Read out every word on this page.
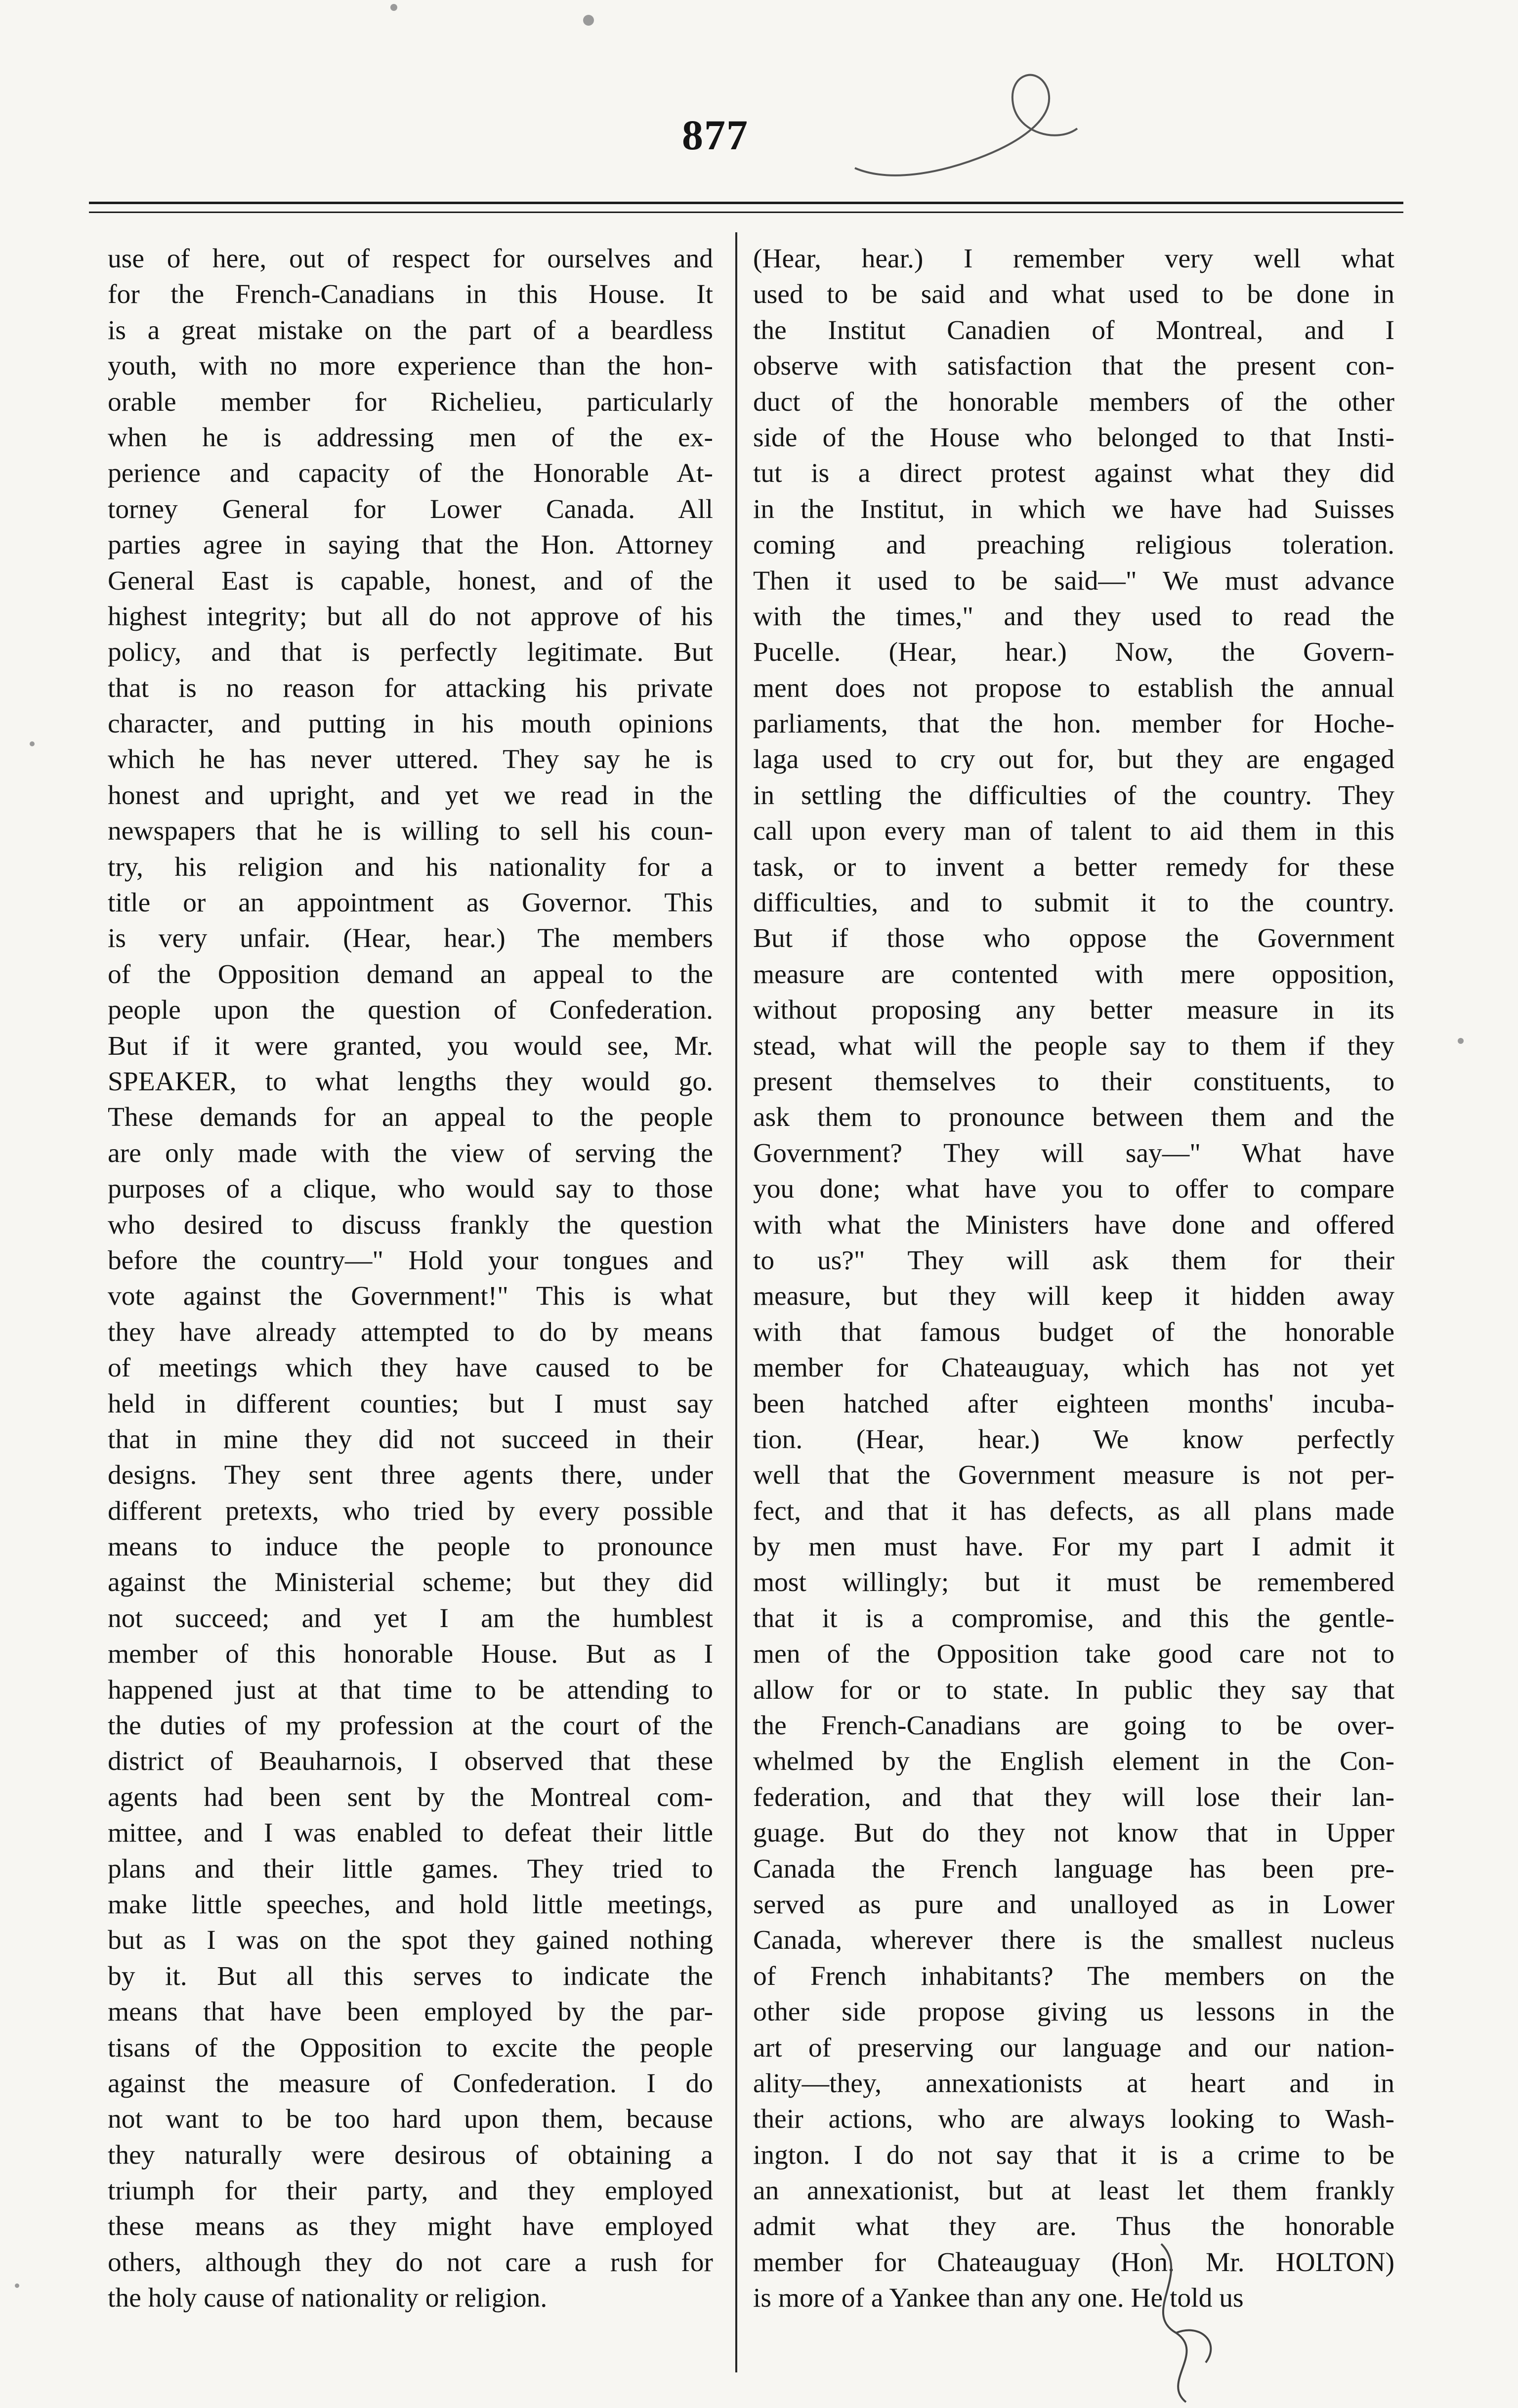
877
use of here, out of respect for ourselves and
for the French-Canadians in this House. It
is a great mistake on the part of a beardless
youth, with no more experience than the hon-
orable member for Richelieu, particularly
when he is addressing men of the ex-
perience and capacity of the Honorable At-
torney General for Lower Canada. All
parties agree in saying that the Hon. Attorney
General East is capable, honest, and of the
highest integrity; but all do not approve of his
policy, and that is perfectly legitimate. But
that is no reason for attacking his private
character, and putting in his mouth opinions
which he has never uttered. They say he is
honest and upright, and yet we read in the
newspapers that he is willing to sell his coun-
try, his religion and his nationality for a
title or an appointment as Governor. This
is very unfair. (Hear, hear.) The members
of the Opposition demand an appeal to the
people upon the question of Confederation.
But if it were granted, you would see, Mr.
SPEAKER, to what lengths they would go.
These demands for an appeal to the people
are only made with the view of serving the
purposes of a clique, who would say to those
who desired to discuss frankly the question
before the country—" Hold your tongues and
vote against the Government!" This is what
they have already attempted to do by means
of meetings which they have caused to be
held in different counties; but I must say
that in mine they did not succeed in their
designs. They sent three agents there, under
different pretexts, who tried by every possible
means to induce the people to pronounce
against the Ministerial scheme; but they did
not succeed; and yet I am the humblest
member of this honorable House. But as I
happened just at that time to be attending to
the duties of my profession at the court of the
district of Beauharnois, I observed that these
agents had been sent by the Montreal com-
mittee, and I was enabled to defeat their little
plans and their little games. They tried to
make little speeches, and hold little meetings,
but as I was on the spot they gained nothing
by it. But all this serves to indicate the
means that have been employed by the par-
tisans of the Opposition to excite the people
against the measure of Confederation. I do
not want to be too hard upon them, because
they naturally were desirous of obtaining a
triumph for their party, and they employed
these means as they might have employed
others, although they do not care a rush for
the holy cause of nationality or religion.
(Hear, hear.) I remember very well what
used to be said and what used to be done in
the Institut Canadien of Montreal, and I
observe with satisfaction that the present con-
duct of the honorable members of the other
side of the House who belonged to that Insti-
tut is a direct protest against what they did
in the Institut, in which we have had Suisses
coming and preaching religious toleration.
Then it used to be said—" We must advance
with the times," and they used to read the
Pucelle. (Hear, hear.) Now, the Govern-
ment does not propose to establish the annual
parliaments, that the hon. member for Hoche-
laga used to cry out for, but they are engaged
in settling the difficulties of the country. They
call upon every man of talent to aid them in this
task, or to invent a better remedy for these
difficulties, and to submit it to the country.
But if those who oppose the Government
measure are contented with mere opposition,
without proposing any better measure in its
stead, what will the people say to them if they
present themselves to their constituents, to
ask them to pronounce between them and the
Government? They will say—" What have
you done; what have you to offer to compare
with what the Ministers have done and offered
to us?" They will ask them for their
measure, but they will keep it hidden away
with that famous budget of the honorable
member for Chateauguay, which has not yet
been hatched after eighteen months' incuba-
tion. (Hear, hear.) We know perfectly
well that the Government measure is not per-
fect, and that it has defects, as all plans made
by men must have. For my part I admit it
most willingly; but it must be remembered
that it is a compromise, and this the gentle-
men of the Opposition take good care not to
allow for or to state. In public they say that
the French-Canadians are going to be over-
whelmed by the English element in the Con-
federation, and that they will lose their lan-
guage. But do they not know that in Upper
Canada the French language has been pre-
served as pure and unalloyed as in Lower
Canada, wherever there is the smallest nucleus
of French inhabitants? The members on the
other side propose giving us lessons in the
art of preserving our language and our nation-
ality—they, annexationists at heart and in
their actions, who are always looking to Wash-
ington. I do not say that it is a crime to be
an annexationist, but at least let them frankly
admit what they are. Thus the honorable
member for Chateauguay (Hon. Mr. HOLTON)
is more of a Yankee than any one. He told us
